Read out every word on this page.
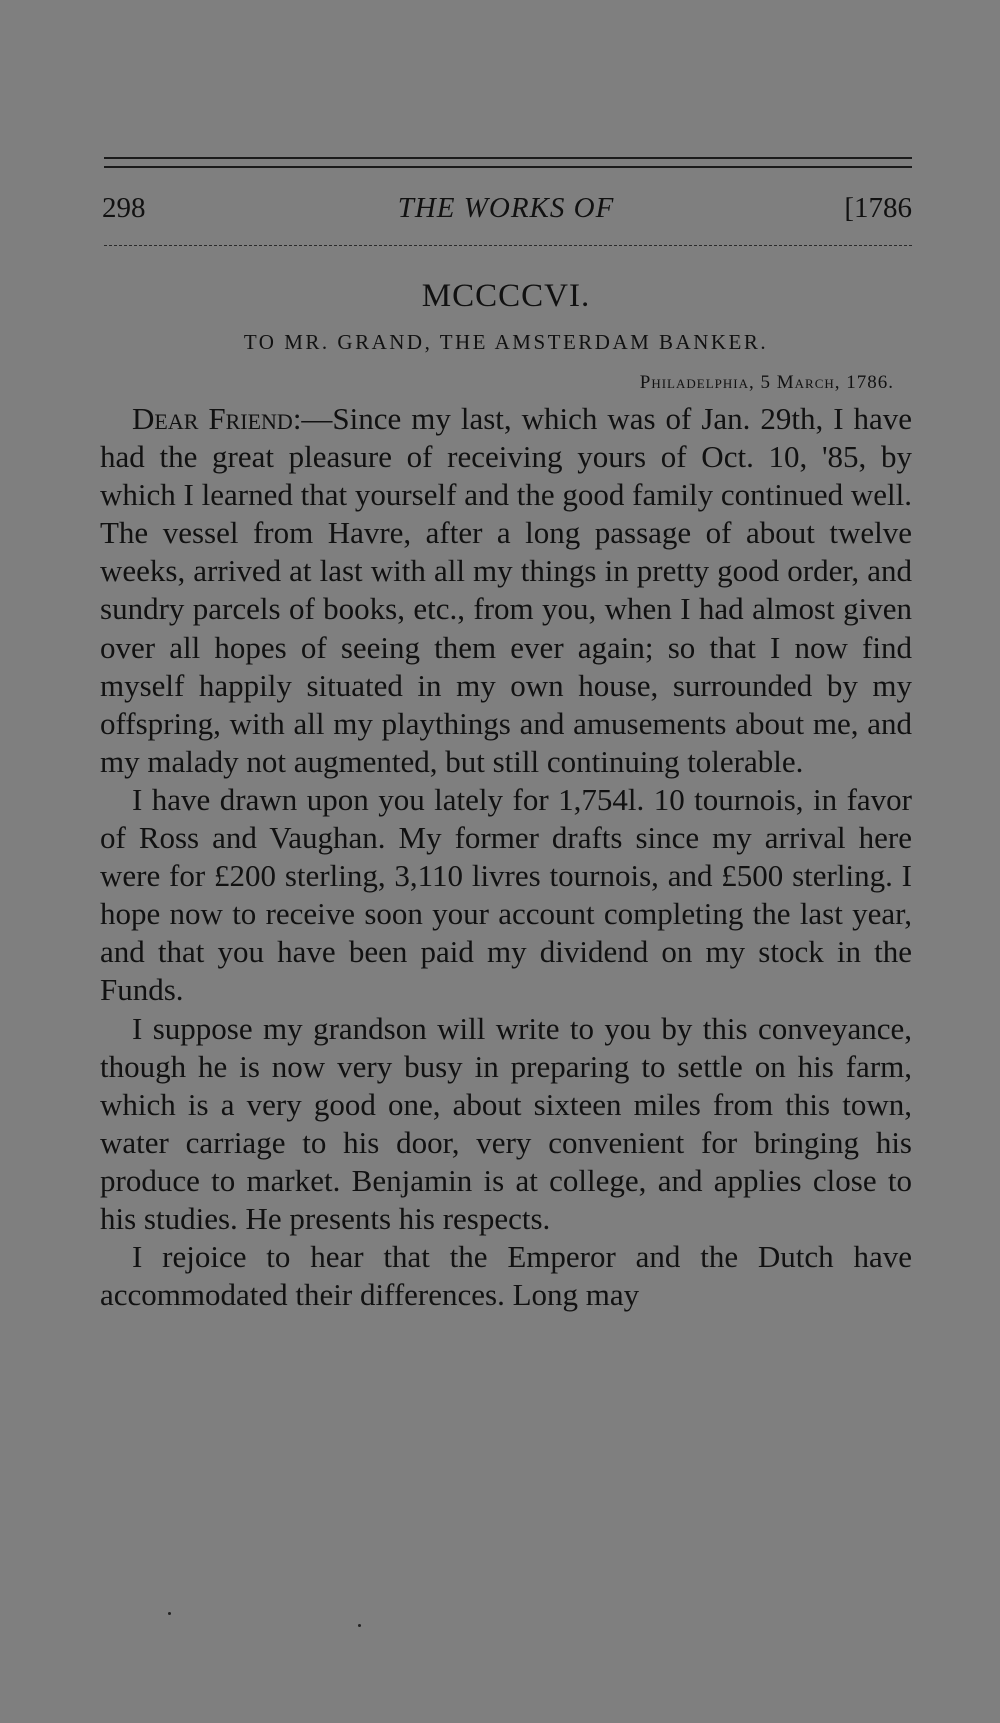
298	THE WORKS OF	[1786
MCCCCVI.
TO MR. GRAND, THE AMSTERDAM BANKER.
Philadelphia, 5 March, 1786.

Dear Friend:—Since my last, which was of Jan. 29th, I have had the great pleasure of receiving yours of Oct. 10, '85, by which I learned that yourself and the good family continued well. The vessel from Havre, after a long passage of about twelve weeks, arrived at last with all my things in pretty good order, and sundry parcels of books, etc., from you, when I had almost given over all hopes of seeing them ever again; so that I now find myself happily situated in my own house, surrounded by my offspring, with all my playthings and amusements about me, and my malady not augmented, but still continuing tolerable.

I have drawn upon you lately for 1,754l. 10 tournois, in favor of Ross and Vaughan. My former drafts since my arrival here were for £200 sterling, 3,110 livres tournois, and £500 sterling. I hope now to receive soon your account completing the last year, and that you have been paid my dividend on my stock in the Funds.

I suppose my grandson will write to you by this conveyance, though he is now very busy in preparing to settle on his farm, which is a very good one, about sixteen miles from this town, water carriage to his door, very convenient for bringing his produce to market. Benjamin is at college, and applies close to his studies. He presents his respects.

I rejoice to hear that the Emperor and the Dutch have accommodated their differences. Long may
